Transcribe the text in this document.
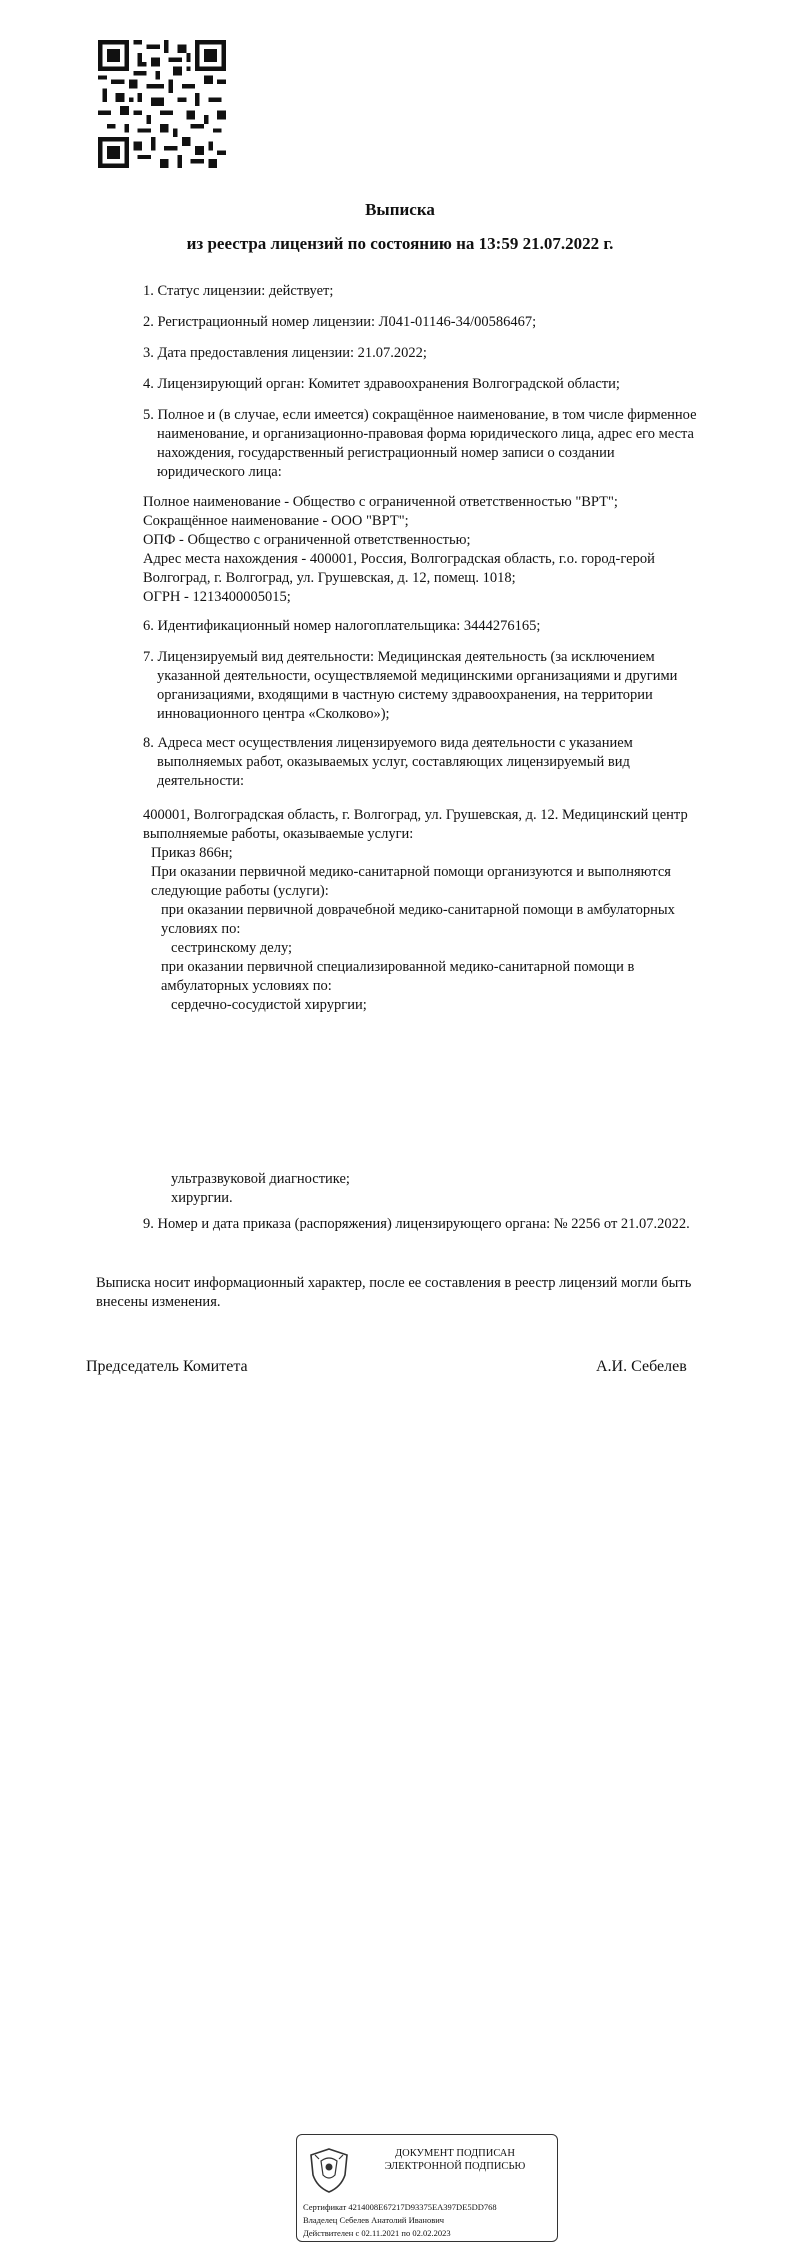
Выписка
из реестра лицензий по состоянию на 13:59 21.07.2022 г.
1. Статус лицензии: действует;
2. Регистрационный номер лицензии: Л041-01146-34/00586467;
3. Дата предоставления лицензии: 21.07.2022;
4. Лицензирующий орган: Комитет здравоохранения Волгоградской области;
5. Полное и (в случае, если имеется) сокращённое наименование, в том числе фирменное
наименование, и организационно-правовая форма юридического лица, адрес его места
нахождения, государственный регистрационный номер записи о создании
юридического лица:
Полное наименование - Общество с ограниченной ответственностью "ВРТ";
Сокращённое наименование - ООО "ВРТ";
ОПФ - Общество с ограниченной ответственностью;
Адрес места нахождения - 400001, Россия, Волгоградская область, г.о. город-герой
Волгоград, г. Волгоград, ул. Грушевская, д. 12, помещ. 1018;
ОГРН - 1213400005015;
6. Идентификационный номер налогоплательщика: 3444276165;
7. Лицензируемый вид деятельности: Медицинская деятельность (за исключением
указанной деятельности, осуществляемой медицинскими организациями и другими
организациями, входящими в частную систему здравоохранения, на территории
инновационного центра «Сколково»);
8. Адреса мест осуществления лицензируемого вида деятельности с указанием
выполняемых работ, оказываемых услуг, составляющих лицензируемый вид
деятельности:
400001, Волгоградская область, г. Волгоград, ул. Грушевская, д. 12. Медицинский центр
выполняемые работы, оказываемые услуги:
Приказ 866н;
При оказании первичной медико-санитарной помощи организуются и выполняются
следующие работы (услуги):
при оказании первичной доврачебной медико-санитарной помощи в амбулаторных
условиях по:
сестринскому делу;
при оказании первичной специализированной медико-санитарной помощи в
амбулаторных условиях по:
сердечно-сосудистой хирургии;
ультразвуковой диагностике;
хирургии.
9. Номер и дата приказа (распоряжения) лицензирующего органа: № 2256 от 21.07.2022.
Выписка носит информационный характер, после ее составления в реестр лицензий могли быть
внесены изменения.
Председатель Комитета	А.И. Себелев
ДОКУМЕНТ ПОДПИСАН
ЭЛЕКТРОННОЙ ПОДПИСЬЮ
Сертификат 4214008E67217D93375EA397DE5DD768
Владелец Себелев Анатолий Иванович
Действителен с 02.11.2021 по 02.02.2023
